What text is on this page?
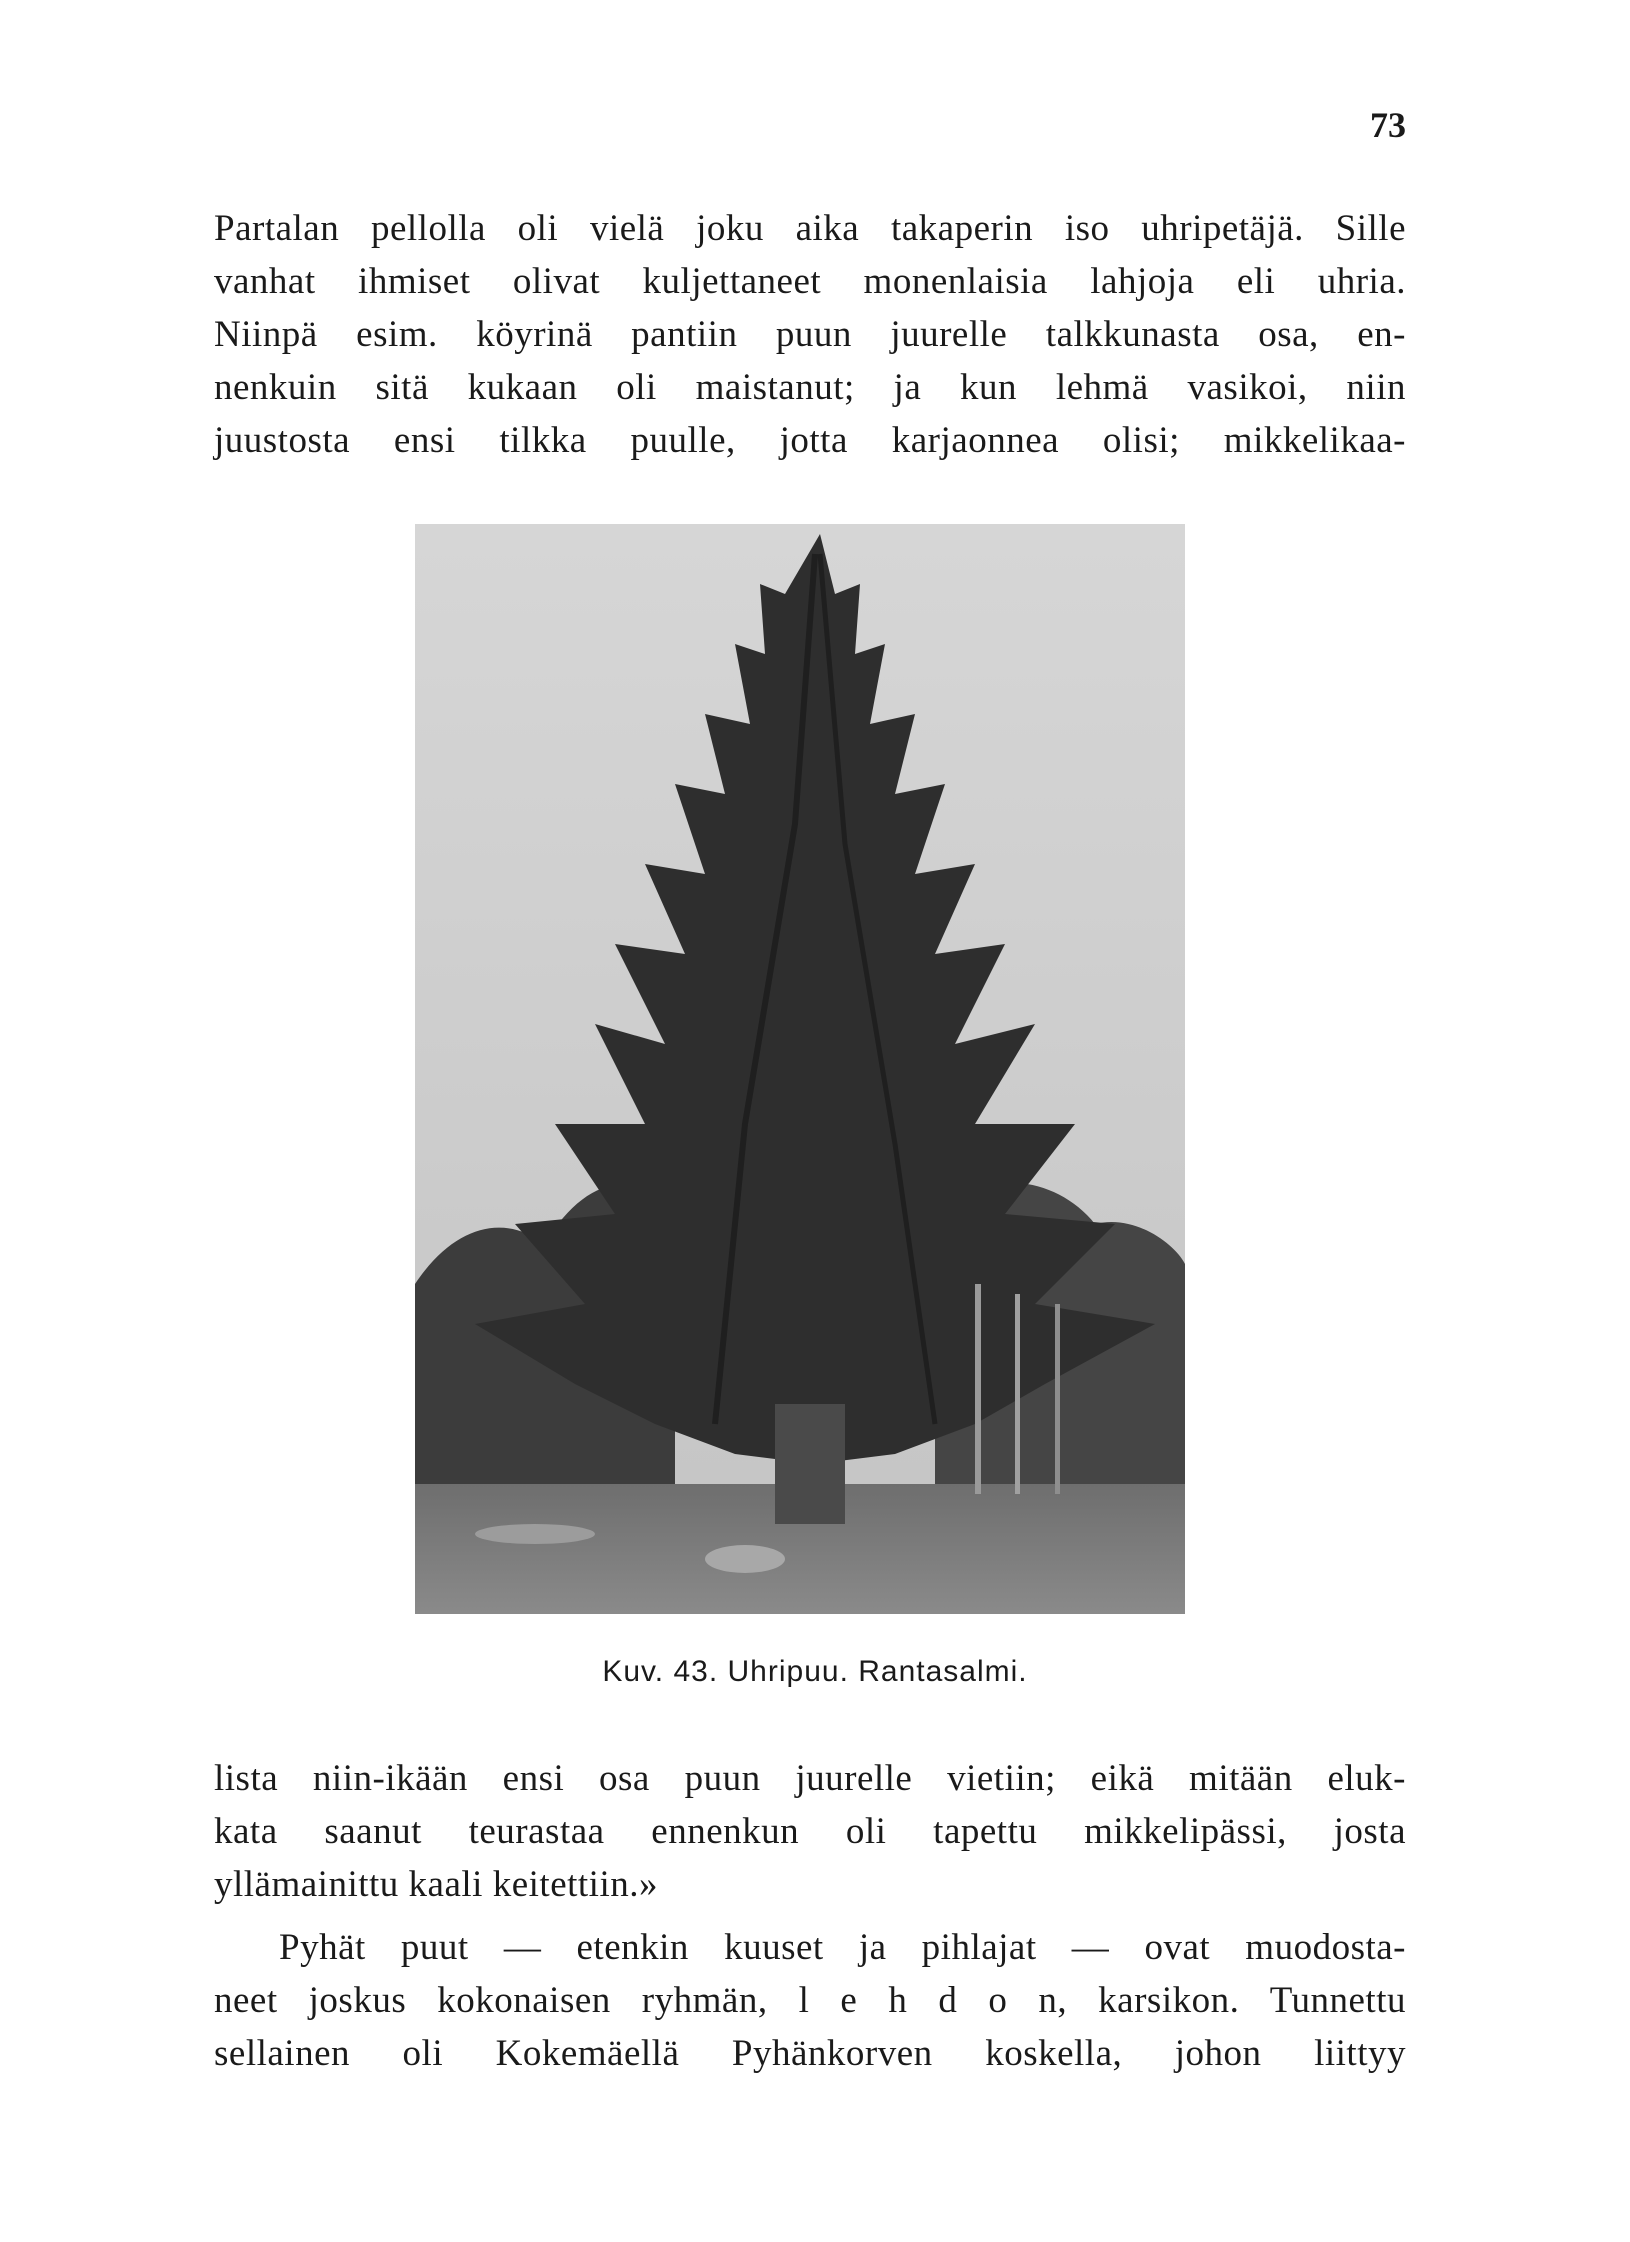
73
Partalan pellolla oli vielä joku aika takaperin iso uhripetäjä. Sille
vanhat ihmiset olivat kuljettaneet monenlaisia lahjoja eli uhria.
Niinpä esim. köyrinä pantiin puun juurelle talkkunasta osa, en-
nenkuin sitä kukaan oli maistanut; ja kun lehmä vasikoi, niin
juustosta ensi tilkka puulle, jotta karjaonnea olisi; mikkelikaa-
Kuv. 43. Uhripuu. Rantasalmi.
lista niin-ikään ensi osa puun juurelle vietiin; eikä mitään eluk-
kata saanut teurastaa ennenkun oli tapettu mikkelipässi, josta
yllämainittu kaali keitettiin.»
Pyhät puut — etenkin kuuset ja pihlajat — ovat muodosta-
neet joskus kokonaisen ryhmän, l e h d o n, karsikon. Tunnettu
sellainen oli Kokemäellä Pyhänkorven koskella, johon liittyy
